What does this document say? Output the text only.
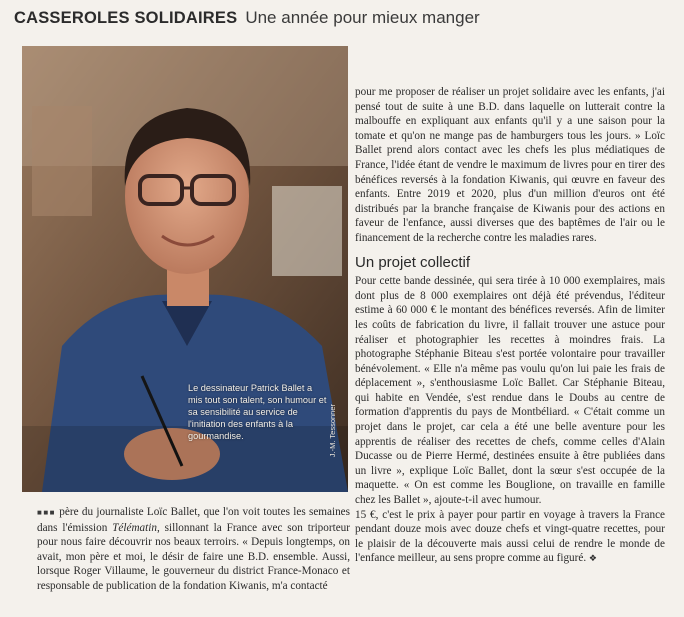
CASSEROLES SOLIDAIRES Une année pour mieux manger
Le dessinateur Patrick Ballet a mis tout son talent, son humour et sa sensibilité au service de l'initiation des enfants à la gourmandise.	J.-M. Tessonner

■■■ père du journaliste Loïc Ballet, que l'on voit toutes les semaines dans l'émission Télématin, sillonnant la France avec son triporteur pour nous faire découvrir nos beaux terroirs. « Depuis longtemps, on avait, mon père et moi, le désir de faire une B.D. ensemble. Aussi, lorsque Roger Villaume, le gouverneur du district France-Monaco et responsable de publication de la fondation Kiwanis, m'a contacté

pour me proposer de réaliser un projet solidaire avec les enfants, j'ai pensé tout de suite à une B.D. dans laquelle on lutterait contre la malbouffe en expliquant aux enfants qu'il y a une saison pour la tomate et qu'on ne mange pas de hamburgers tous les jours. » Loïc Ballet prend alors contact avec les chefs les plus médiatiques de France, l'idée étant de vendre le maximum de livres pour en tirer des bénéfices reversés à la fondation Kiwanis, qui œuvre en faveur des enfants. Entre 2019 et 2020, plus d'un million d'euros ont été distribués par la branche française de Kiwanis pour des actions en faveur de l'enfance, aussi diverses que des baptêmes de l'air ou le financement de la recherche contre les maladies rares.

Un projet collectif

Pour cette bande dessinée, qui sera tirée à 10 000 exemplaires, mais dont plus de 8 000 exemplaires ont déjà été prévendus, l'éditeur estime à 60 000 € le montant des bénéfices reversés. Afin de limiter les coûts de fabrication du livre, il fallait trouver une astuce pour réaliser et photographier les recettes à moindres frais. La photographe Stéphanie Biteau s'est portée volontaire pour travailler bénévolement. « Elle n'a même pas voulu qu'on lui paie les frais de déplacement », s'enthousiasme Loïc Ballet. Car Stéphanie Biteau, qui habite en Vendée, s'est rendue dans le Doubs au centre de formation d'apprentis du pays de Montbéliard. « C'était comme un projet dans le projet, car cela a été une belle aventure pour les apprentis de réaliser des recettes de chefs, comme celles d'Alain Ducasse ou de Pierre Hermé, destinées ensuite à être publiées dans un livre », explique Loïc Ballet, dont la sœur s'est occupée de la maquette. « On est comme les Bouglione, on travaille en famille chez les Ballet », ajoute-t-il avec humour.

15 €, c'est le prix à payer pour partir en voyage à travers la France pendant douze mois avec douze chefs et vingt-quatre recettes, pour le plaisir de la découverte mais aussi celui de rendre le monde de l'enfance meilleur, au sens propre comme au figuré. ❖
